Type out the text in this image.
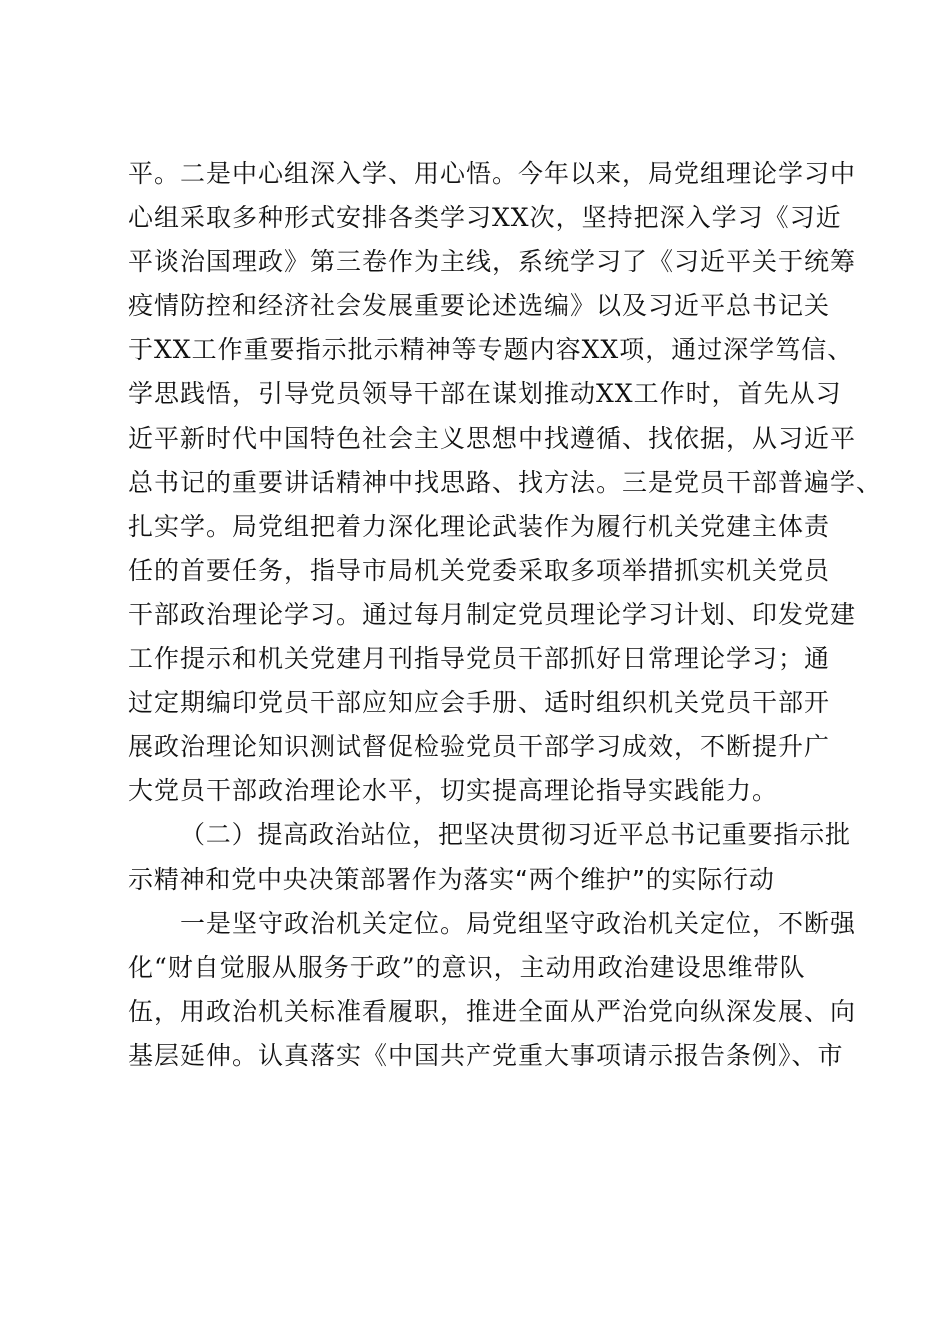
平。二是中心组深入学、用心悟。今年以来，局党组理论学习中
心组采取多种形式安排各类学习XX次，坚持把深入学习《习近
平谈治国理政》第三卷作为主线，系统学习了《习近平关于统筹
疫情防控和经济社会发展重要论述选编》以及习近平总书记关
于XX工作重要指示批示精神等专题内容XX项，通过深学笃信、
学思践悟，引导党员领导干部在谋划推动XX工作时，首先从习
近平新时代中国特色社会主义思想中找遵循、找依据，从习近平
总书记的重要讲话精神中找思路、找方法。三是党员干部普遍学、
扎实学。局党组把着力深化理论武装作为履行机关党建主体责
任的首要任务，指导市局机关党委采取多项举措抓实机关党员
干部政治理论学习。通过每月制定党员理论学习计划、印发党建
工作提示和机关党建月刊指导党员干部抓好日常理论学习；通
过定期编印党员干部应知应会手册、适时组织机关党员干部开
展政治理论知识测试督促检验党员干部学习成效，不断提升广
大党员干部政治理论水平，切实提高理论指导实践能力。
（二）提高政治站位，把坚决贯彻习近平总书记重要指示批
示精神和党中央决策部署作为落实“两个维护”的实际行动
一是坚守政治机关定位。局党组坚守政治机关定位，不断强
化“财自觉服从服务于政”的意识，主动用政治建设思维带队
伍，用政治机关标准看履职，推进全面从严治党向纵深发展、向
基层延伸。认真落实《中国共产党重大事项请示报告条例》、市
